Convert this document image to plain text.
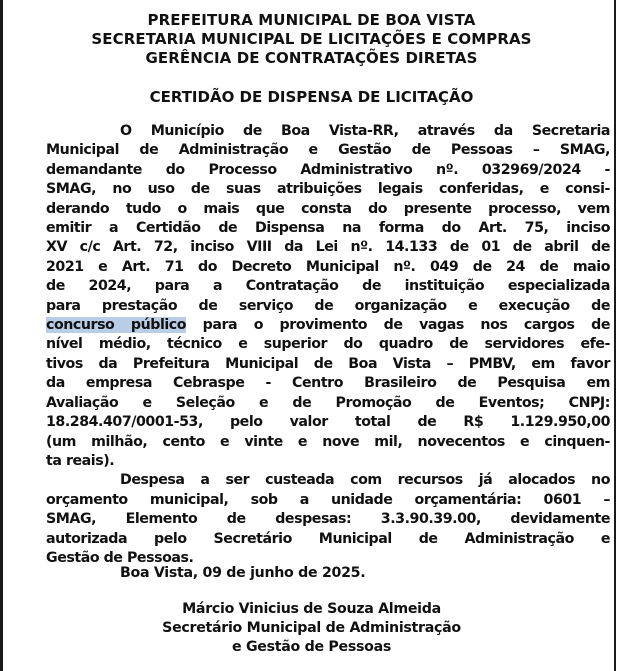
PREFEITURA MUNICIPAL DE BOA VISTA
SECRETARIA MUNICIPAL DE LICITAÇÕES E COMPRAS
GERÊNCIA DE CONTRATAÇÕES DIRETAS
CERTIDÃO DE DISPENSA DE LICITAÇÃO
O Município de Boa Vista-RR, através da Secretaria
Municipal de Administração e Gestão de Pessoas – SMAG,
demandante do Processo Administrativo nº. 032969/2024 -
SMAG, no uso de suas atribuições legais conferidas, e consi-
derando tudo o mais que consta do presente processo, vem
emitir a Certidão de Dispensa na forma do Art. 75, inciso
XV c/c Art. 72, inciso VIII da Lei nº. 14.133 de 01 de abril de
2021 e Art. 71 do Decreto Municipal nº. 049 de 24 de maio
de 2024, para a Contratação de instituição especializada
para prestação de serviço de organização e execução de
concurso público para o provimento de vagas nos cargos de
nível médio, técnico e superior do quadro de servidores efe-
tivos da Prefeitura Municipal de Boa Vista – PMBV, em favor
da empresa Cebraspe - Centro Brasileiro de Pesquisa em
Avaliação e Seleção e de Promoção de Eventos; CNPJ:
18.284.407/0001-53, pelo valor total de R$ 1.129.950,00
(um milhão, cento e vinte e nove mil, novecentos e cinquen-
ta reais).
Despesa a ser custeada com recursos já alocados no
orçamento municipal, sob a unidade orçamentária: 0601 –
SMAG, Elemento de despesas: 3.3.90.39.00, devidamente
autorizada pelo Secretário Municipal de Administração e
Gestão de Pessoas.
Boa Vista, 09 de junho de 2025.
Márcio Vinicius de Souza Almeida
Secretário Municipal de Administração
e Gestão de Pessoas
